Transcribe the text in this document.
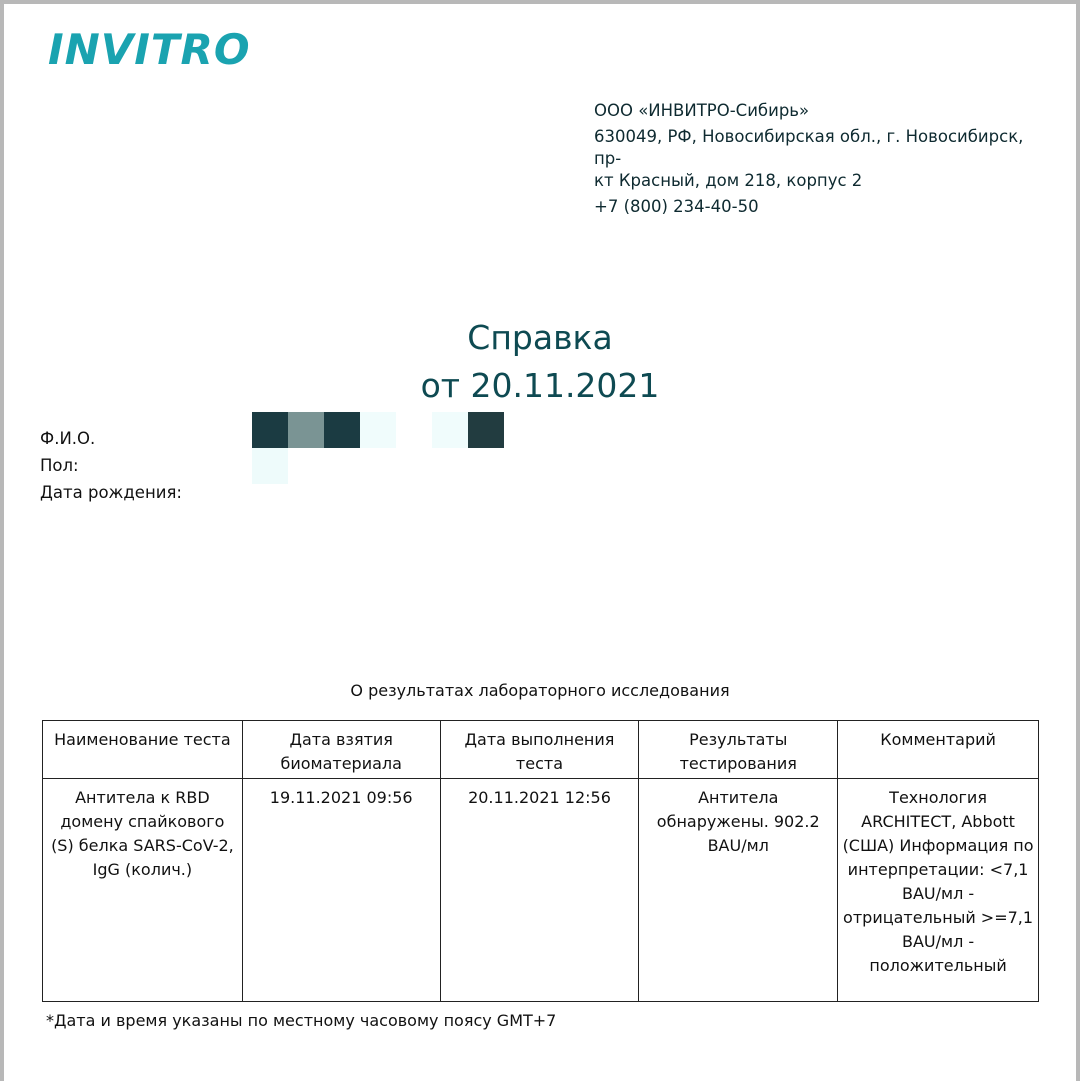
INVITRO
ООО «ИНВИТРО-Сибирь»
630049, РФ, Новосибирская обл., г. Новосибирск, пр-
кт Красный, дом 218, корпус 2
+7 (800) 234-40-50
Справка
от 20.11.2021
Ф.И.О.
Пол:
Дата рождения:
О результатах лабораторного исследования
Наименование теста	Дата взятия биоматериала	Дата выполнения теста	Результаты тестирования	Комментарий
Антитела к RBD домену спайкового (S) белка SARS-CoV-2, IgG (колич.)	19.11.2021 09:56	20.11.2021 12:56	Антитела обнаружены. 902.2 BAU/мл	Технология ARCHITECT, Abbott (США) Информация по интерпретации: <7,1 BAU/мл - отрицательный >=7,1 BAU/мл - положительный
*Дата и время указаны по местному часовому поясу GMT+7
